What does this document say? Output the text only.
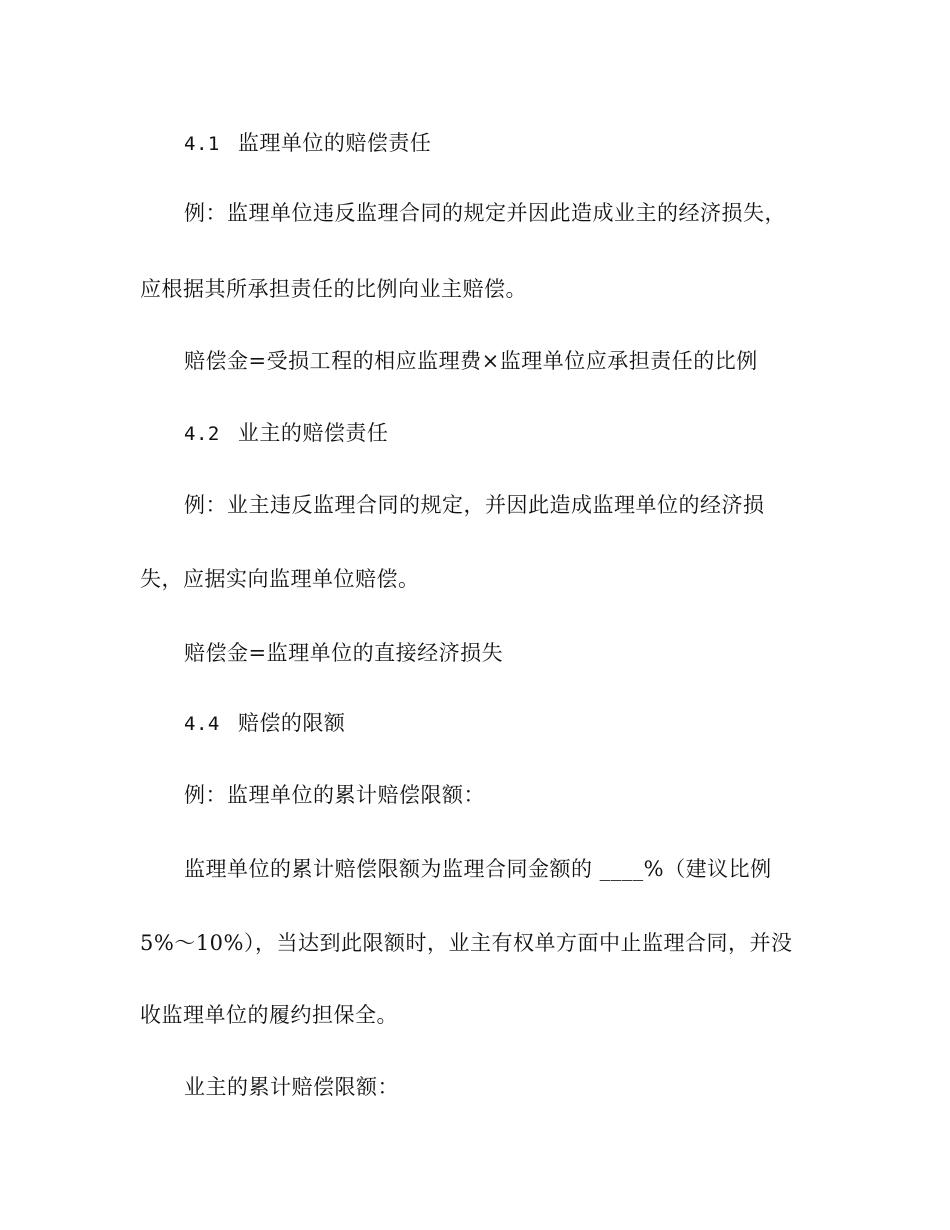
4.1 监理单位的赔偿责任

例：监理单位违反监理合同的规定并因此造成业主的经济损失，

应根据其所承担责任的比例向业主赔偿。

赔偿金=受损工程的相应监理费×监理单位应承担责任的比例

4.2 业主的赔偿责任

例：业主违反监理合同的规定，并因此造成监理单位的经济损

失，应据实向监理单位赔偿。

赔偿金=监理单位的直接经济损失

4.4 赔偿的限额

例：监理单位的累计赔偿限额：

监理单位的累计赔偿限额为监理合同金额的 ____%（建议比例

5%～10%），当达到此限额时，业主有权单方面中止监理合同，并没

收监理单位的履约担保全。

业主的累计赔偿限额：
